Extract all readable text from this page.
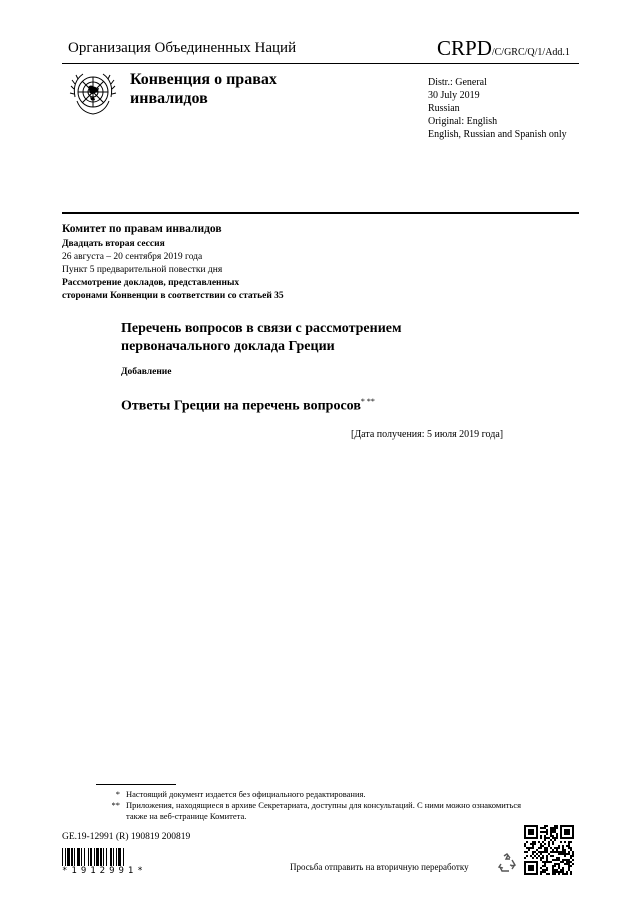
Организация Объединенных Наций	CRPD/C/GRC/Q/1/Add.1
Конвенция о правах инвалидов
Distr.: General
30 July 2019
Russian
Original: English
English, Russian and Spanish only
Комитет по правам инвалидов
Двадцать вторая сессия
26 августа – 20 сентября 2019 года
Пункт 5 предварительной повестки дня
Рассмотрение докладов, представленных
сторонами Конвенции в соответствии со статьей 35
Перечень вопросов в связи с рассмотрением
первоначального доклада Греции
Добавление
Ответы Греции на перечень вопросов* **
[Дата получения: 5 июля 2019 года]
* Настоящий документ издается без официального редактирования.
** Приложения, находящиеся в архиве Секретариата, доступны для консультаций. С ними можно ознакомиться также на веб-странице Комитета.
GE.19-12991 (R) 190819 200819
*1912991*	Просьба отправить на вторичную переработку
